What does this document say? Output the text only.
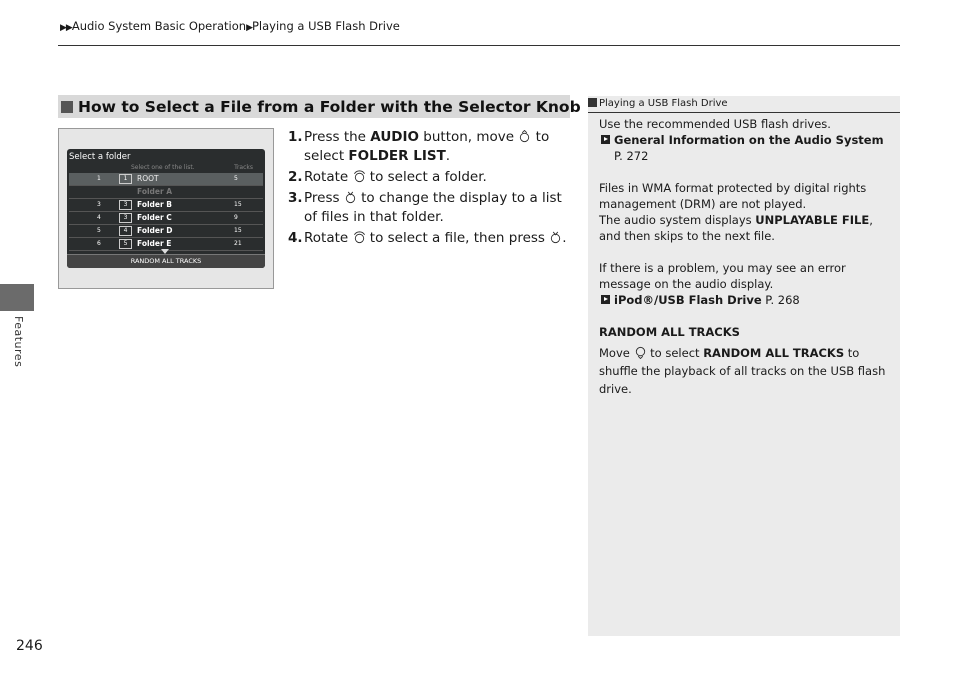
▶▶Audio System Basic Operation▶Playing a USB Flash Drive
Features
246
How to Select a File from a Folder with the Selector Knob
Select a folder
Select one of the list.	Tracks
1	1	ROOT	5
Folder A
3	3	Folder B	15
4	3	Folder C	9
5	4	Folder D	15
6	5	Folder E	21
RANDOM ALL TRACKS
1. Press the AUDIO button, move  to select FOLDER LIST.
2. Rotate  to select a folder.
3. Press  to change the display to a list of files in that folder.
4. Rotate  to select a file, then press .
Playing a USB Flash Drive

Use the recommended USB flash drives.

General Information on the Audio System
P. 272

Files in WMA format protected by digital rights management (DRM) are not played.

The audio system displays UNPLAYABLE FILE, and then skips to the next file.

If there is a problem, you may see an error message on the audio display.

iPod®/USB Flash Drive P. 268

RANDOM ALL TRACKS

Move  to select RANDOM ALL TRACKS to shuffle the playback of all tracks on the USB flash drive.
